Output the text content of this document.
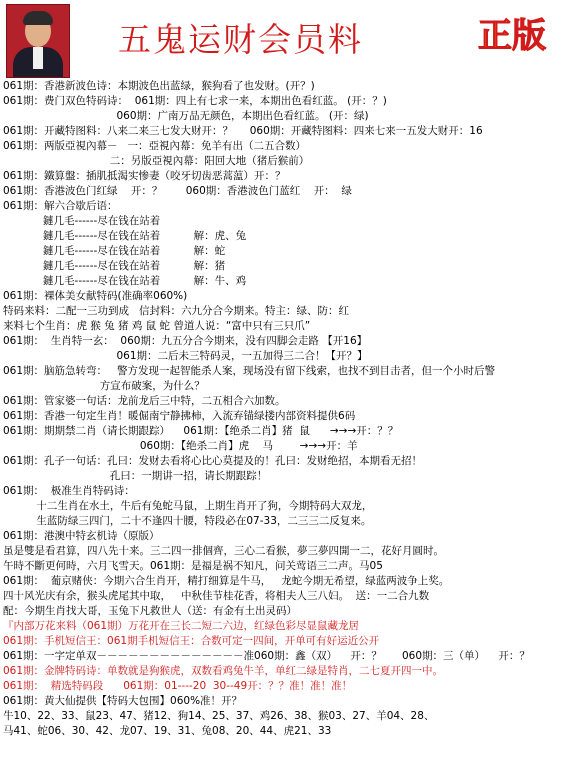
五鬼运财会员料	正版
061期：香港新波色诗：本期波色出蓝绿，猴狗看了也发财。(开？)
061期：费门双色特码诗：  061期：四上有七求一来，本期出色看红蓝。 (开：？)
060期：广南万品无颜色，本期出色看红蓝。 (开：绿)
061期：开藏特图料：八来二来三七发大财开：？     060期：开藏特图料：四来七来一五发大财开：16
061期：两版亞視內幕－   一：亞視內幕：免羊有出（二五合数）
二：另版亞視內幕：阳回大地（猪后猴前）
061期：鐵算盤：插肌抵渴实惨妻（咬牙切齿恶蒿蕰）开：？
061期：香港波色门红绿    开：？       060期：香港波色门蓝红    开：  绿
061期：解六合歇后语：
鏈几毛------尽在钱在站着
鏈几毛------尽在钱在站着          解：虎、兔
鏈几毛------尽在钱在站着          解：蛇
鏈几毛------尽在钱在站着          解：猪
鏈几毛------尽在钱在站着          解：牛、鸡
061期：裸体美女献特码(准确率060%)
特码来料：二配一三功到成   信封料：六九分合今期来。特主：绿、防：红
来料七个生肖：虎 猴 兔 猪 鸡 鼠 蛇 曾道人说：“富中只有三只爪”
061期：  生肖特一玄：  060期：九五分合今期来，没有四脚会走路 【开16】
061期：二后未三特码灵，一五加得三二合！【开？】
061期：脑筋急转弯：   警方发现一起智能杀人案，现场没有留下线索，也找不到目击者，但一个小时后警
方宣布破案，为什么？
061期：管家婆一句话：龙前龙后三中特，二五相合六加数。
061期：香港一句定生肖！暖倔南宁静拂柿，入流弃锚绿搂内部资料提供6码
061期：期期禁二肖（请长期跟踪）    061期：【绝杀二肖】猪  鼠      →→→开：？？
060期：【绝杀二肖】虎    马        →→→开：羊
061期：孔子一句话：孔曰：发财去看将心比心莫提及的！孔曰：发财绝招，本期看无招！
孔曰：一期讲一招，请长期跟踪！
061期：  极准生肖特码诗：
十二生肖在水土，牛后有兔蛇马鼠，上期生肖开了狗，今期特码大双龙，
生蓝防绿三四门，二十不逢四十腰，特段必在07-33，二三三二反复来。
061期：港澳中特玄机诗（原版）
虽是雙是看君算，四八先十来。三二四一排個齊，三心二看猴，夢三夢四開一二，花好月圓时。
午時不斷更何時，六月飞雪天。061期：是福是祸不知凡，问关莺语三二声。马05
061期：  葡京赌侠：今期六合生肖开，精打细算是牛马，   龙蛇今期无希望，绿蓝两波争上奖。
四十风光庆有余，猴头虎尾其中取，   中秋佳节桂花香，将相夫人三八妇。  送：一二合九数
配：今期生肖找大哥，玉兔下凡救世人（送：有金有土出灵码）
『内部万花来料（061期）万花开在三长二短二六边，红绿色彩尽显鼠藏龙居
061期：手机短信王：061期手机短信王：合数可定一四间，开单可有好运近公开
061期：一字定单双－－－－－－－－－－－－－－准060期：鑫（双）    开：？      060期：三（单）    开：？
061期：金牌特码诗：单数就是狗猴虎，双数看鸡兔牛羊，单红二绿是特肖，二七夏开四一中。
061期：  精选特码段      061期：01----20  30--49开：？？准！准！准！
061期：黄大仙提供【特码大包围】060%准！开？
牛10、22、33、鼠23、47、猪12、狗14、25、37、鸡26、38、猴03、27、羊04、28、
马41、蛇06、30、42、龙07、19、31、兔08、20、44、虎21、33
